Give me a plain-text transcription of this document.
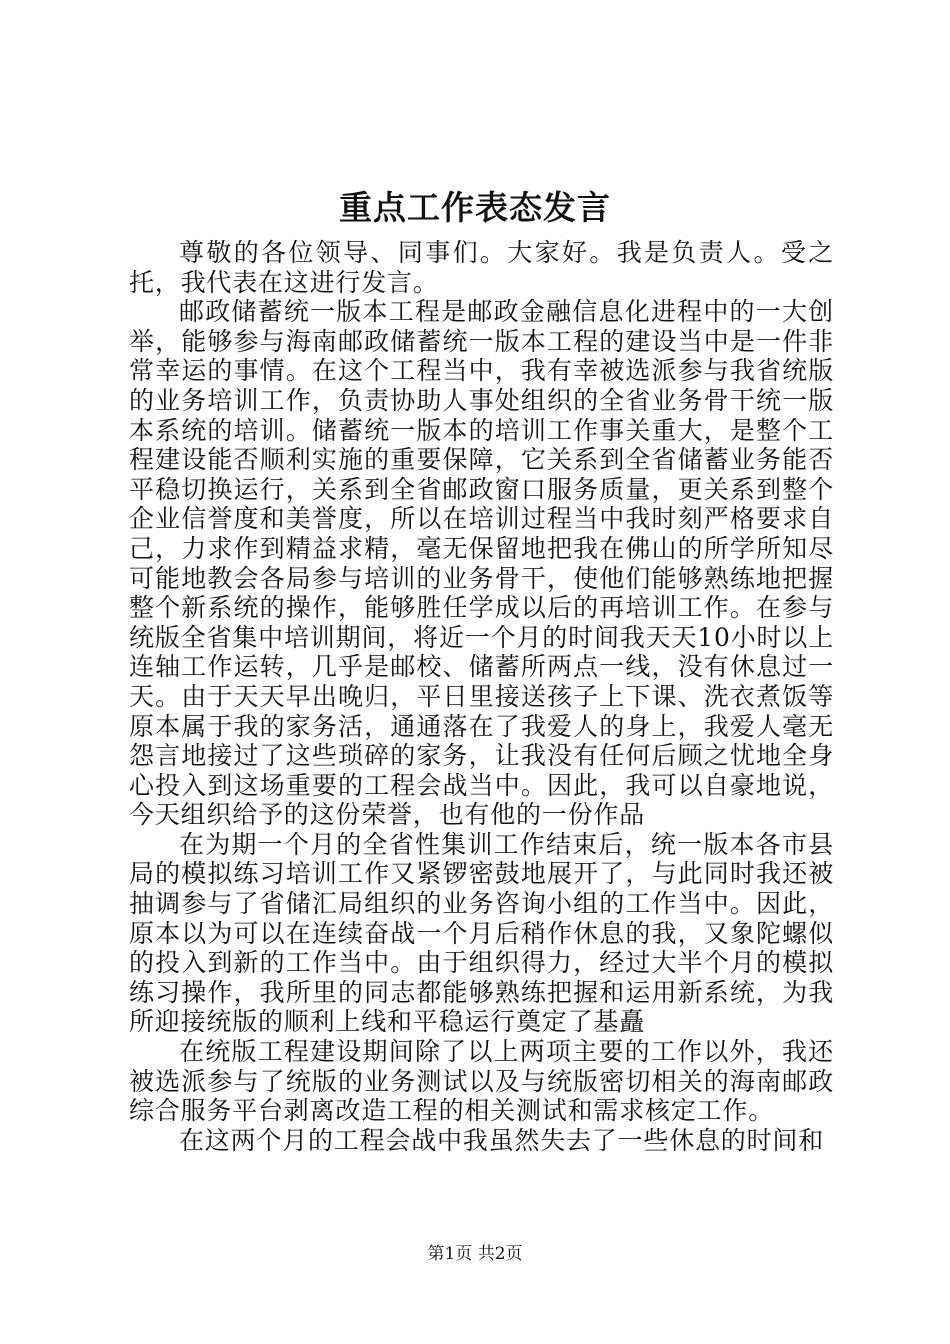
重点工作表态发言

尊敬的各位领导、同事们。大家好。我是负责人。受之托，我代表在这进行发言。

邮政储蓄统一版本工程是邮政金融信息化进程中的一大创举，能够参与海南邮政储蓄统一版本工程的建设当中是一件非常幸运的事情。在这个工程当中，我有幸被选派参与我省统版的业务培训工作，负责协助人事处组织的全省业务骨干统一版本系统的培训。储蓄统一版本的培训工作事关重大，是整个工程建设能否顺利实施的重要保障，它关系到全省储蓄业务能否平稳切换运行，关系到全省邮政窗口服务质量，更关系到整个企业信誉度和美誉度，所以在培训过程当中我时刻严格要求自己，力求作到精益求精，毫无保留地把我在佛山的所学所知尽可能地教会各局参与培训的业务骨干，使他们能够熟练地把握整个新系统的操作，能够胜任学成以后的再培训工作。在参与统版全省集中培训期间，将近一个月的时间我天天10小时以上连轴工作运转，几乎是邮校、储蓄所两点一线，没有休息过一天。由于天天早出晚归，平日里接送孩子上下课、洗衣煮饭等原本属于我的家务活，通通落在了我爱人的身上，我爱人毫无怨言地接过了这些琐碎的家务，让我没有任何后顾之忧地全身心投入到这场重要的工程会战当中。因此，我可以自豪地说，今天组织给予的这份荣誉，也有他的一份作品

在为期一个月的全省性集训工作结束后，统一版本各市县局的模拟练习培训工作又紧锣密鼓地展开了，与此同时我还被抽调参与了省储汇局组织的业务咨询小组的工作当中。因此，原本以为可以在连续奋战一个月后稍作休息的我，又象陀螺似的投入到新的工作当中。由于组织得力，经过大半个月的模拟练习操作，我所里的同志都能够熟练把握和运用新系统，为我所迎接统版的顺利上线和平稳运行奠定了基矗

在统版工程建设期间除了以上两项主要的工作以外，我还被选派参与了统版的业务测试以及与统版密切相关的海南邮政综合服务平台剥离改造工程的相关测试和需求核定工作。

在这两个月的工程会战中我虽然失去了一些休息的时间和

第1页 共2页
